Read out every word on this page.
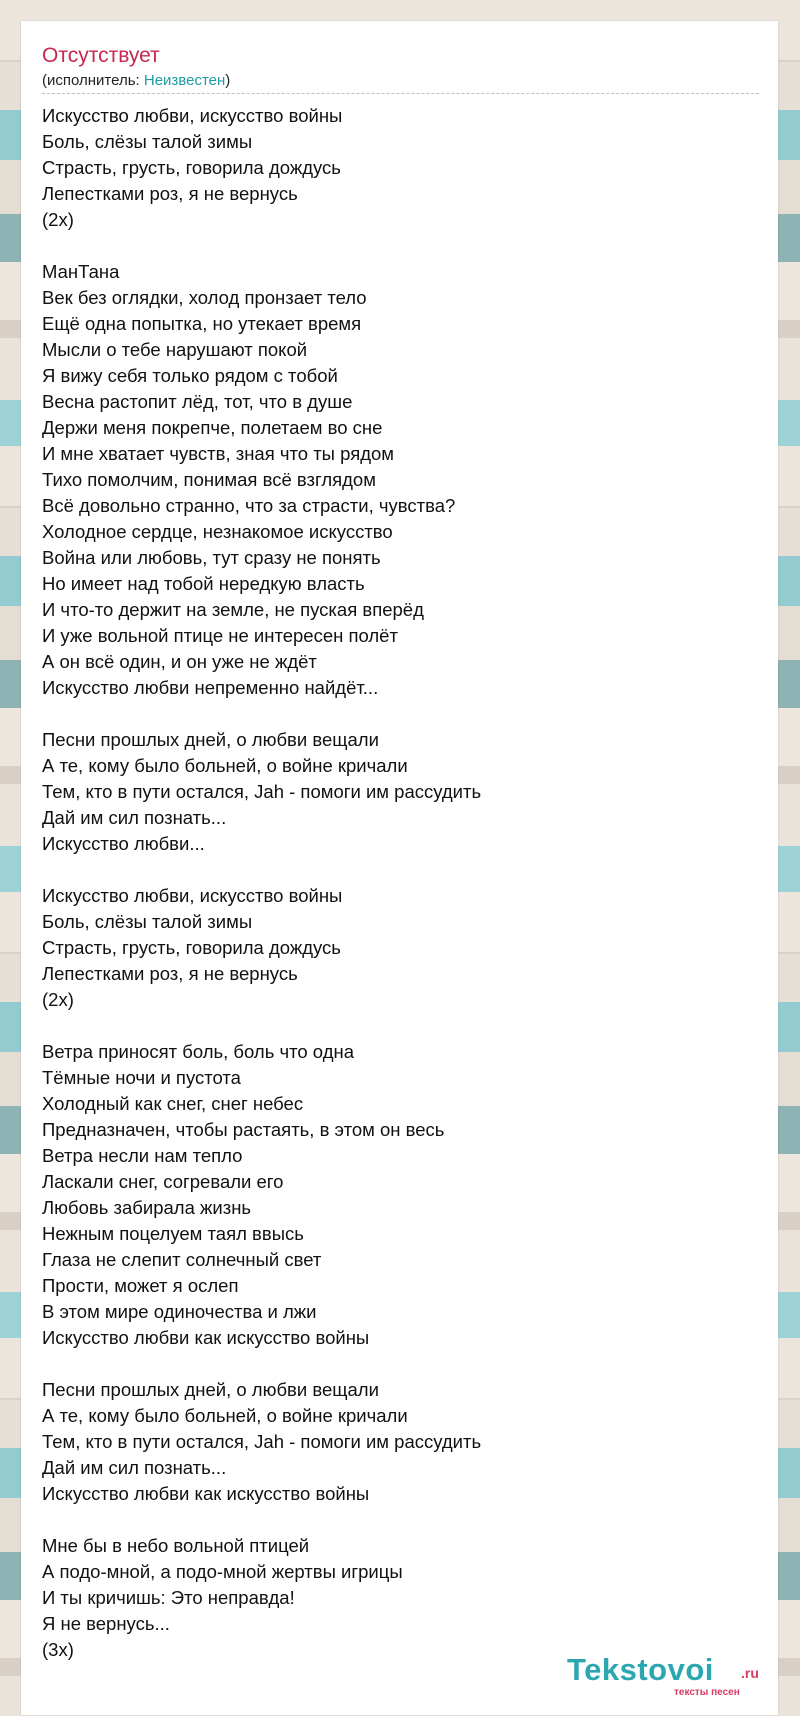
Отсутствует
(исполнитель: Неизвестен)
Искусство любви, искусство войны
Боль, слёзы талой зимы
Страсть, грусть, говорила дождусь
Лепестками роз, я не вернусь
(2х)
МанТана
Век без оглядки, холод пронзает тело
Ещё одна попытка, но утекает время
Мысли о тебе нарушают покой
Я вижу себя только рядом с тобой
Весна растопит лёд, тот, что в душе
Держи меня покрепче, полетаем во сне
И мне хватает чувств, зная что ты рядом
Тихо помолчим, понимая всё взглядом
Всё довольно странно, что за страсти, чувства?
Холодное сердце, незнакомое искусство
Война или любовь, тут сразу не понять
Но имеет над тобой нередкую власть
И что-то держит на земле, не пуская вперёд
И уже вольной птице не интересен полёт
А он всё один, и он уже не ждёт
Искусство любви непременно найдёт...
Песни прошлых дней, о любви вещали
А те, кому было больней, о войне кричали
Тем, кто в пути остался, Jah - помоги им рассудить
Дай им сил познать...
Искусство любви...
Искусство любви, искусство войны
Боль, слёзы талой зимы
Страсть, грусть, говорила дождусь
Лепестками роз, я не вернусь
(2х)
Ветра приносят боль, боль что одна
Тёмные ночи и пустота
Холодный как снег, снег небес
Предназначен, чтобы растаять, в этом он весь
Ветра несли нам тепло
Ласкали снег, согревали его
Любовь забирала жизнь
Нежным поцелуем таял ввысь
Глаза не слепит солнечный свет
Прости, может я ослеп
В этом мире одиночества и лжи
Искусство любви как искусство войны
Песни прошлых дней, о любви вещали
А те, кому было больней, о войне кричали
Тем, кто в пути остался, Jah - помоги им рассудить
Дай им сил познать...
Искусство любви как искусство войны
Мне бы в небо вольной птицей
А подо-мной, а подо-мной жертвы игрицы
И ты кричишь: Это неправда!
Я не вернусь...
(3х)
Tekstovoi .ru
тексты песен
